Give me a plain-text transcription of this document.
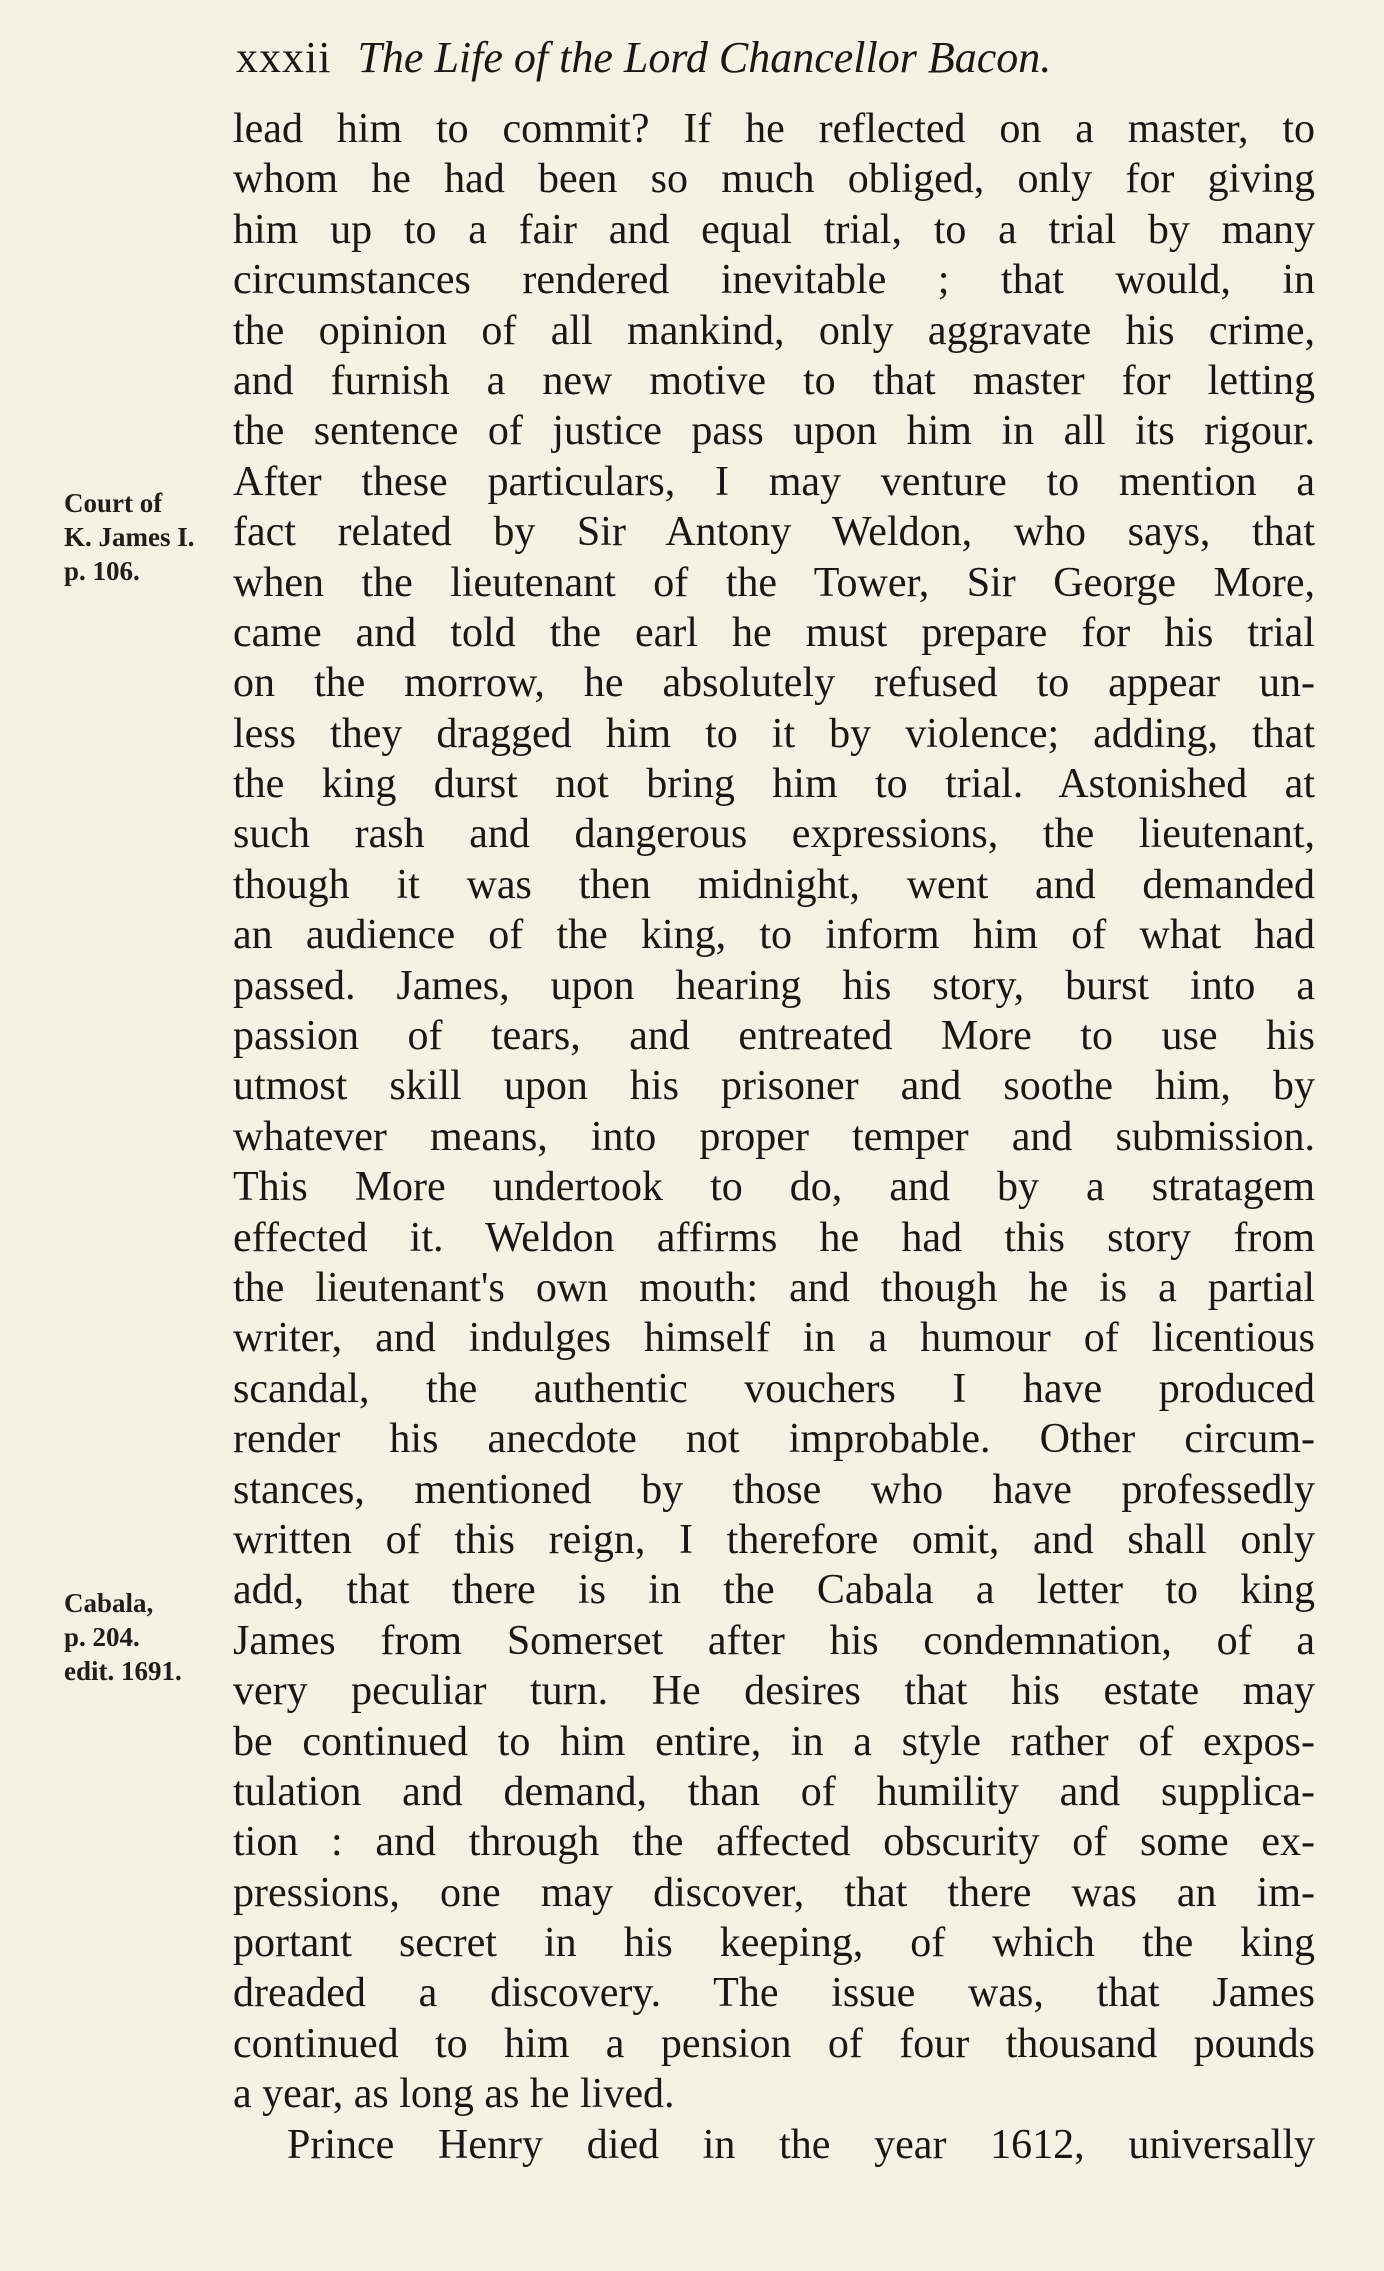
xxxii The Life of the Lord Chancellor Bacon.
Court of
K. James I.
p. 106.
Cabala,
p. 204.
edit. 1691.
lead him to commit? If he reflected on a master, to
whom he had been so much obliged, only for giving
him up to a fair and equal trial, to a trial by many
circumstances rendered inevitable ; that would, in
the opinion of all mankind, only aggravate his crime,
and furnish a new motive to that master for letting
the sentence of justice pass upon him in all its rigour.
After these particulars, I may venture to mention a
fact related by Sir Antony Weldon, who says, that
when the lieutenant of the Tower, Sir George More,
came and told the earl he must prepare for his trial
on the morrow, he absolutely refused to appear un-
less they dragged him to it by violence; adding, that
the king durst not bring him to trial. Astonished at
such rash and dangerous expressions, the lieutenant,
though it was then midnight, went and demanded
an audience of the king, to inform him of what had
passed. James, upon hearing his story, burst into a
passion of tears, and entreated More to use his
utmost skill upon his prisoner and soothe him, by
whatever means, into proper temper and submission.
This More undertook to do, and by a stratagem
effected it. Weldon affirms he had this story from
the lieutenant's own mouth: and though he is a partial
writer, and indulges himself in a humour of licentious
scandal, the authentic vouchers I have produced
render his anecdote not improbable. Other circum-
stances, mentioned by those who have professedly
written of this reign, I therefore omit, and shall only
add, that there is in the Cabala a letter to king
James from Somerset after his condemnation, of a
very peculiar turn. He desires that his estate may
be continued to him entire, in a style rather of expos-
tulation and demand, than of humility and supplica-
tion : and through the affected obscurity of some ex-
pressions, one may discover, that there was an im-
portant secret in his keeping, of which the king
dreaded a discovery. The issue was, that James
continued to him a pension of four thousand pounds
a year, as long as he lived.
Prince Henry died in the year 1612, universally
